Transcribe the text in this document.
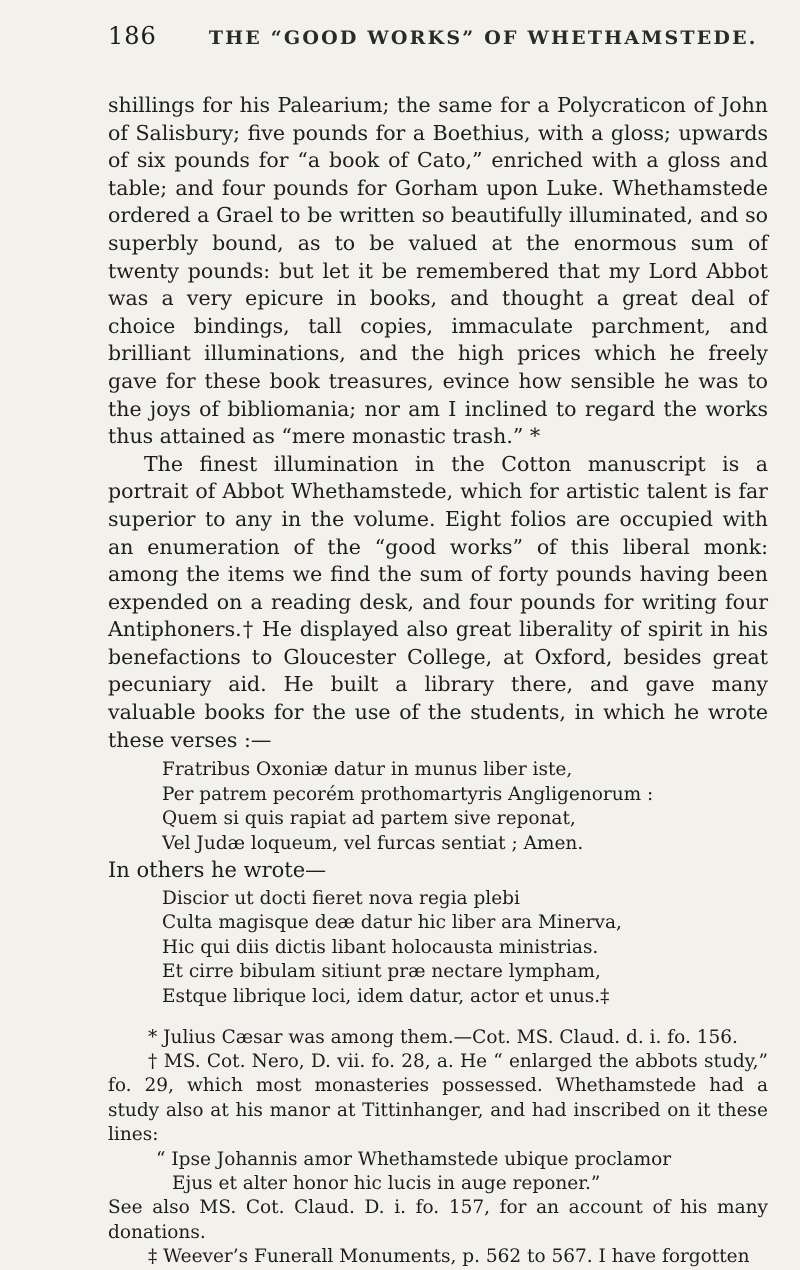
186	THE “GOOD WORKS” OF WHETHAMSTEDE.

shillings for his Palearium; the same for a Polycraticon of John of Salisbury; five pounds for a Boethius, with a gloss; upwards of six pounds for “a book of Cato,” enriched with a gloss and table; and four pounds for Gorham upon Luke. Whethamstede ordered a Grael to be written so beautifully illuminated, and so superbly bound, as to be valued at the enormous sum of twenty pounds: but let it be remembered that my Lord Abbot was a very epicure in books, and thought a great deal of choice bindings, tall copies, immaculate parchment, and brilliant illuminations, and the high prices which he freely gave for these book treasures, evince how sensible he was to the joys of bibliomania; nor am I inclined to regard the works thus attained as “mere monastic trash.” *

The finest illumination in the Cotton manuscript is a portrait of Abbot Whethamstede, which for artistic talent is far superior to any in the volume. Eight folios are occupied with an enumeration of the “good works” of this liberal monk: among the items we find the sum of forty pounds having been expended on a reading desk, and four pounds for writing four Antiphoners.† He displayed also great liberality of spirit in his benefactions to Gloucester College, at Oxford, besides great pecuniary aid. He built a library there, and gave many valuable books for the use of the students, in which he wrote these verses :—

Fratribus Oxoniæ datur in munus liber iste,
Per patrem pecorém prothomartyris Angligenorum :
Quem si quis rapiat ad partem sive reponat,
Vel Judæ loqueum, vel furcas sentiat ; Amen.

In others he wrote—

Discior ut docti fieret nova regia plebi
Culta magisque deæ datur hic liber ara Minerva,
Hic qui diis dictis libant holocausta ministrias.
Et cirre bibulam sitiunt præ nectare lympham,
Estque librique loci, idem datur, actor et unus.‡

* Julius Cæsar was among them.—Cot. MS. Claud. d. i. fo. 156.

† MS. Cot. Nero, D. vii. fo. 28, a. He “ enlarged the abbots study,” fo. 29, which most monasteries possessed. Whethamstede had a study also at his manor at Tittinhanger, and had inscribed on it these lines:

“ Ipse Johannis amor Whethamstede ubique proclamor
Ejus et alter honor hic lucis in auge reponer.”

See also MS. Cot. Claud. D. i. fo. 157, for an account of his many donations.

‡ Weever’s Funerall Monuments, p. 562 to 567. I have forgotten
